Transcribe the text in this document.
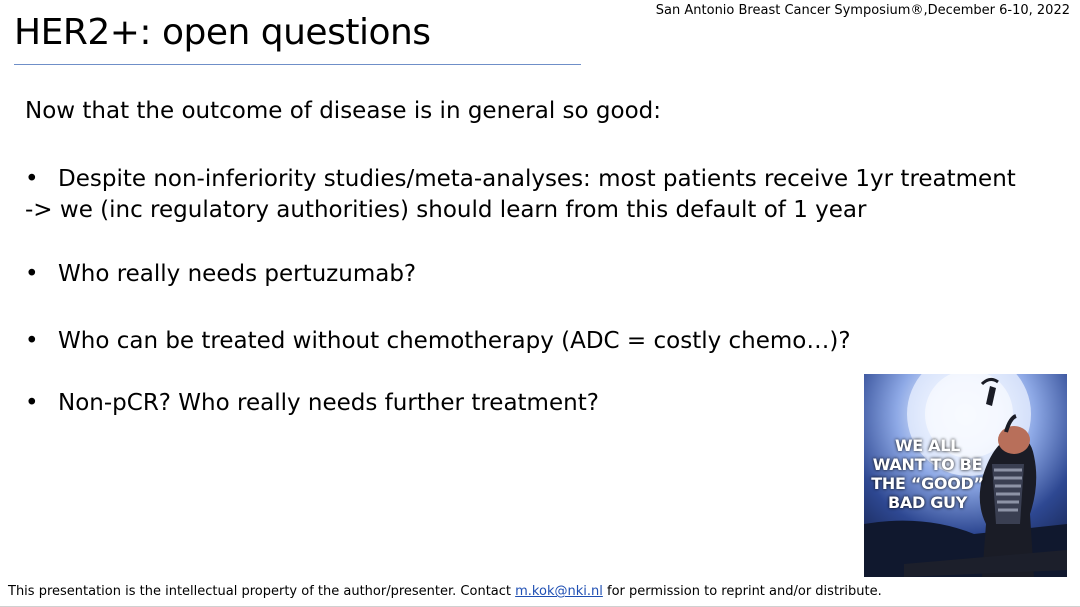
San Antonio Breast Cancer Symposium®,December 6-10, 2022
HER2+: open questions
Now that the outcome of disease is in general so good:
• Despite non-inferiority studies/meta-analyses: most patients receive 1yr treatment
-> we (inc regulatory authorities) should learn from this default of 1 year
• Who really needs pertuzumab?
• Who can be treated without chemotherapy (ADC = costly chemo…)?
• Non-pCR? Who really needs further treatment?
WE ALL
WANT TO BE
THE “GOOD”
BAD GUY
This presentation is the intellectual property of the author/presenter. Contact m.kok@nki.nl for permission to reprint and/or distribute.
